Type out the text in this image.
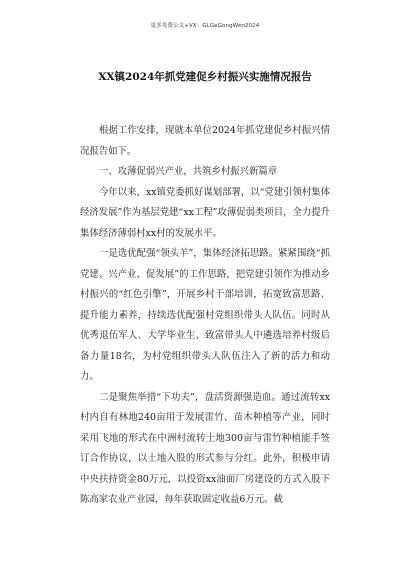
更多免费公文+VX：GLGeGongWen2024
XX镇2024年抓党建促乡村振兴实施情况报告

根据工作安排，现就本单位2024年抓党建促乡村振兴情况报告如下。

一、攻薄促弱兴产业，共筑乡村振兴新篇章

今年以来，xx镇党委抓好谋划部署，以“党建引领村集体经济发展”作为基层党建“xx工程”攻薄促弱类项目，全力提升集体经济薄弱村xx村的发展水平。

一是选优配强“领头羊”，集体经济拓思路。紧紧围绕“抓党建、兴产业、促发展”的工作思路，把党建引领作为推动乡村振兴的“红色引擎”，开展乡村干部培训，拓宽致富思路、提升能力素养，持续选优配强村党组织带头人队伍。同时从优秀退伍军人、大学毕业生、致富带头人中遴选培养村级后备力量18名，为村党组织带头人队伍注入了新的活力和动力。

二是聚焦举措“下功夫”，盘活资源强造血。通过流转xx村内自有林地240亩用于发展雷竹、苗木种植等产业，同时采用飞地的形式在中洲村流转土地300亩与雷竹种植能手签订合作协议，以土地入股的形式参与分红。此外，积极申请中央扶持资金80万元，以投资xx油面厂房建设的方式入股下陈高家农业产业园，每年获取固定收益6万元。截
